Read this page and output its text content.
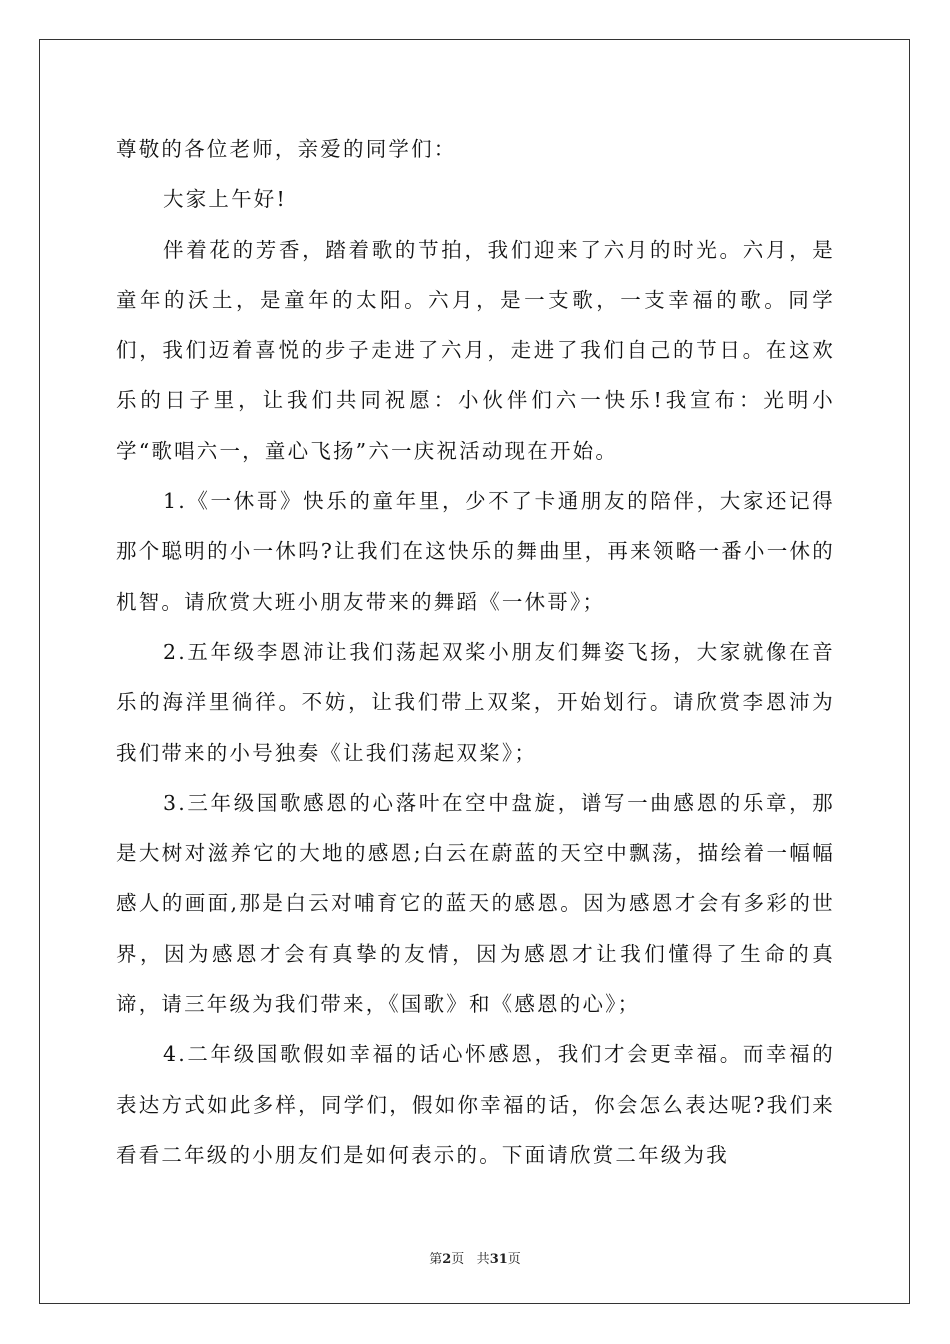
尊敬的各位老师，亲爱的同学们：

大家上午好!

伴着花的芳香，踏着歌的节拍，我们迎来了六月的时光。六月，是童年的沃土，是童年的太阳。六月，是一支歌，一支幸福的歌。同学们，我们迈着喜悦的步子走进了六月，走进了我们自己的节日。在这欢乐的日子里，让我们共同祝愿：小伙伴们六一快乐!我宣布：光明小学“歌唱六一，童心飞扬”六一庆祝活动现在开始。

1.《一休哥》快乐的童年里，少不了卡通朋友的陪伴，大家还记得那个聪明的小一休吗?让我们在这快乐的舞曲里，再来领略一番小一休的机智。请欣赏大班小朋友带来的舞蹈《一休哥》；

2.五年级李恩沛让我们荡起双桨小朋友们舞姿飞扬，大家就像在音乐的海洋里徜徉。不妨，让我们带上双桨，开始划行。请欣赏李恩沛为我们带来的小号独奏《让我们荡起双桨》；

3.三年级国歌感恩的心落叶在空中盘旋，谱写一曲感恩的乐章，那是大树对滋养它的大地的感恩;白云在蔚蓝的天空中飘荡，描绘着一幅幅感人的画面,那是白云对哺育它的蓝天的感恩。因为感恩才会有多彩的世界，因为感恩才会有真挚的友情，因为感恩才让我们懂得了生命的真谛，请三年级为我们带来，《国歌》和《感恩的心》；

4.二年级国歌假如幸福的话心怀感恩，我们才会更幸福。而幸福的表达方式如此多样，同学们，假如你幸福的话，你会怎么表达呢?我们来看看二年级的小朋友们是如何表示的。下面请欣赏二年级为我

第2页 共31页
